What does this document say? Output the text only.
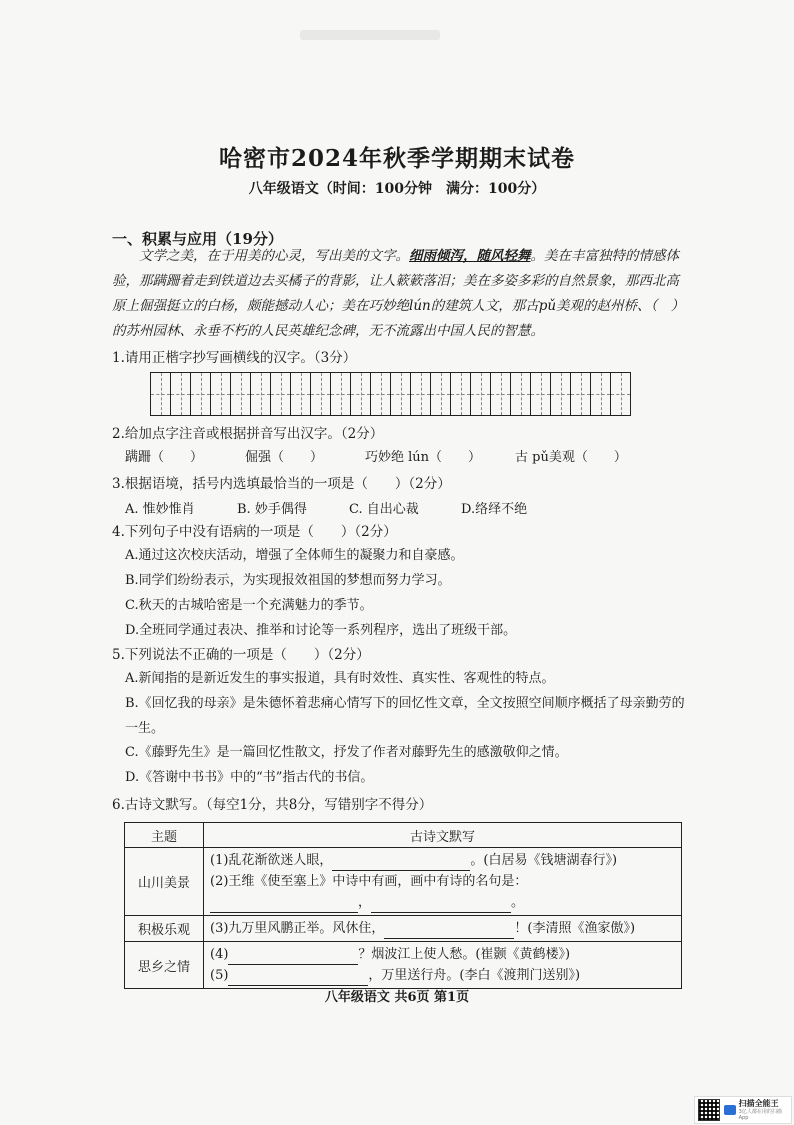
哈密市2024年秋季学期期末试卷
八年级语文（时间：100分钟　满分：100分）
一、积累与应用（19分）
文学之美，在于用美的心灵，写出美的文字。细雨倾泻，随风轻舞。美在丰富独特的情感体验，那蹒跚着走到铁道边去买橘子的背影，让人簌簌落泪；美在多姿多彩的自然景象，那西北高原上倔强挺立的白杨，颇能撼动人心；美在巧妙绝lún的建筑人文，那古pǔ美观的赵州桥、（　）的苏州园林、永垂不朽的人民英雄纪念碑，无不流露出中国人民的智慧。
1.请用正楷字抄写画横线的汉字。（3分）
2.给加点字注音或根据拼音写出汉字。（2分）
蹒跚（　　）	倔强（　　）	巧妙绝 lún（　　）	古 pǔ美观（　　）
3.根据语境，括号内选填最恰当的一项是（　　）（2分）
A. 惟妙惟肖	B. 妙手偶得	C. 自出心裁	D.络绎不绝
4.下列句子中没有语病的一项是（　　）（2分）
A.通过这次校庆活动，增强了全体师生的凝聚力和自豪感。
B.同学们纷纷表示，为实现报效祖国的梦想而努力学习。
C.秋天的古城哈密是一个充满魅力的季节。
D.全班同学通过表决、推举和讨论等一系列程序，选出了班级干部。
5.下列说法不正确的一项是（　　）（2分）
A.新闻指的是新近发生的事实报道，具有时效性、真实性、客观性的特点。
B.《回忆我的母亲》是朱德怀着悲痛心情写下的回忆性文章，全文按照空间顺序概括了母亲勤劳的一生。
C.《藤野先生》是一篇回忆性散文，抒发了作者对藤野先生的感激敬仰之情。
D.《答谢中书书》中的“书”指古代的书信。
6.古诗文默写。（每空1分，共8分，写错别字不得分）
主题	古诗文默写
山川美景	(1)乱花渐欲迷人眼， 。(白居易《钱塘湖春行》)
(2)王维《使至塞上》中诗中有画，画中有诗的名句是：
， 。

积极乐观	(3)九万里风鹏正举。风休住， ！(李清照《渔家傲》)
思乡之情	(4) ？烟波江上使人愁。(崔颢《黄鹤楼》)
(5) ，万里送行舟。(李白《渡荆门送别》)
八年级语文 共6页 第1页
扫描全能王
3亿人都在用的扫描App
